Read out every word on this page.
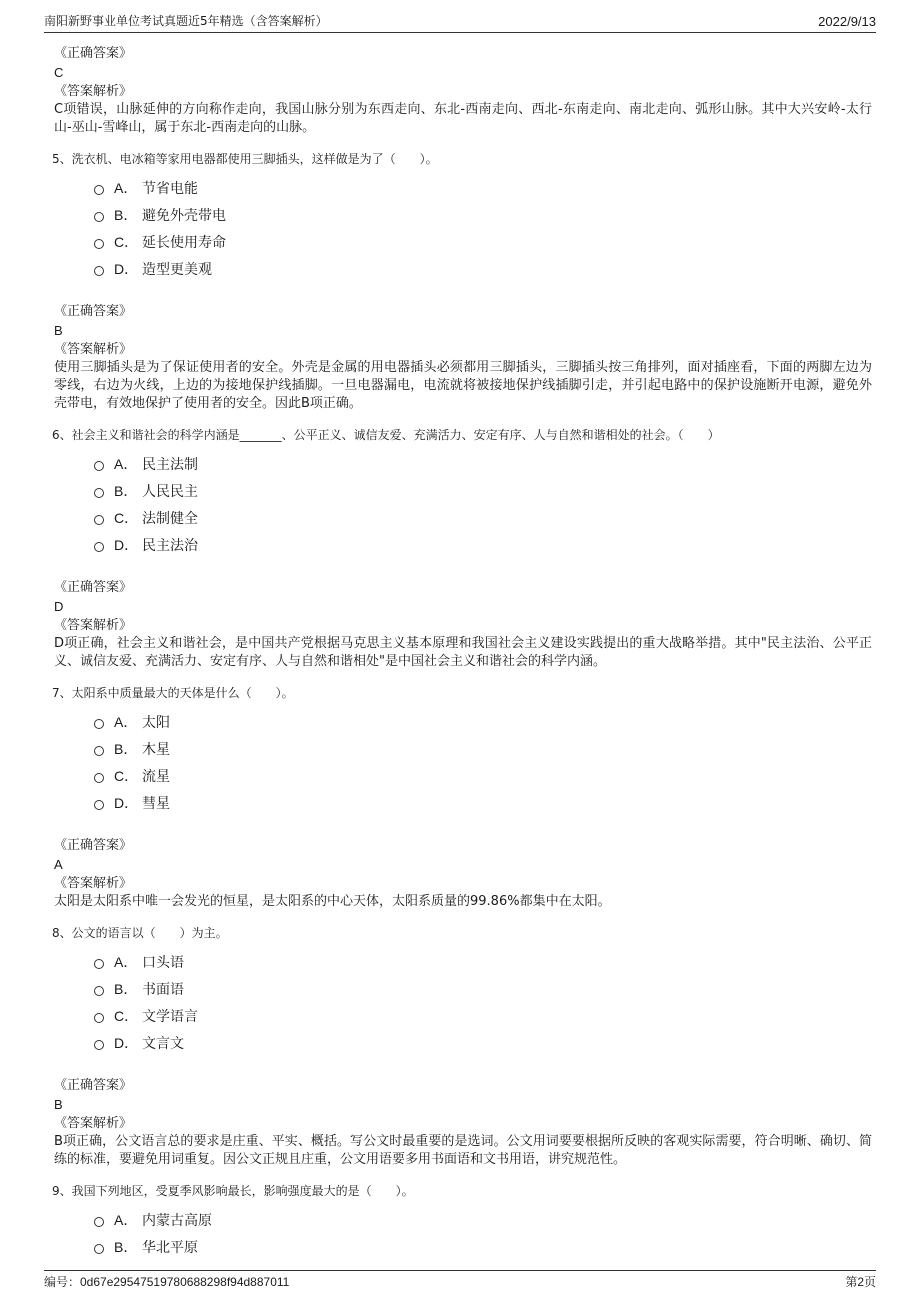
南阳新野事业单位考试真题近5年精选（含答案解析）	2022/9/13
《正确答案》
C
《答案解析》
C项错误，山脉延伸的方向称作走向，我国山脉分别为东西走向、东北-西南走向、西北-东南走向、南北走向、弧形山脉。其中大兴安岭-太行山-巫山-雪峰山，属于东北-西南走向的山脉。
5、洗衣机、电冰箱等家用电器都使用三脚插头，这样做是为了（　　）。
A． 节省电能
B． 避免外壳带电
C． 延长使用寿命
D． 造型更美观
《正确答案》
B
《答案解析》
使用三脚插头是为了保证使用者的安全。外壳是金属的用电器插头必须都用三脚插头，三脚插头按三角排列，面对插座看，下面的两脚左边为零线，右边为火线，上边的为接地保护线插脚。一旦电器漏电，电流就将被接地保护线插脚引走，并引起电路中的保护设施断开电源，避免外壳带电，有效地保护了使用者的安全。因此B项正确。
6、社会主义和谐社会的科学内涵是_______、公平正义、诚信友爱、充满活力、安定有序、人与自然和谐相处的社会。（　　）
A． 民主法制
B． 人民民主
C． 法制健全
D． 民主法治
《正确答案》
D
《答案解析》
D项正确，社会主义和谐社会，是中国共产党根据马克思主义基本原理和我国社会主义建设实践提出的重大战略举措。其中"民主法治、公平正义、诚信友爱、充满活力、安定有序、人与自然和谐相处"是中国社会主义和谐社会的科学内涵。
7、太阳系中质量最大的天体是什么（　　）。
A． 太阳
B． 木星
C． 流星
D． 彗星
《正确答案》
A
《答案解析》
太阳是太阳系中唯一会发光的恒星，是太阳系的中心天体，太阳系质量的99.86%都集中在太阳。
8、公文的语言以（　　）为主。
A． 口头语
B． 书面语
C． 文学语言
D． 文言文
《正确答案》
B
《答案解析》
B项正确，公文语言总的要求是庄重、平实、概括。写公文时最重要的是选词。公文用词要要根据所反映的客观实际需要，符合明晰、确切、简练的标准，要避免用词重复。因公文正规且庄重，公文用语要多用书面语和文书用语，讲究规范性。
9、我国下列地区，受夏季风影响最长，影响强度最大的是（　　）。
A． 内蒙古高原
B． 华北平原
编号：0d67e2954751978068​8298f94d887011	第2页
